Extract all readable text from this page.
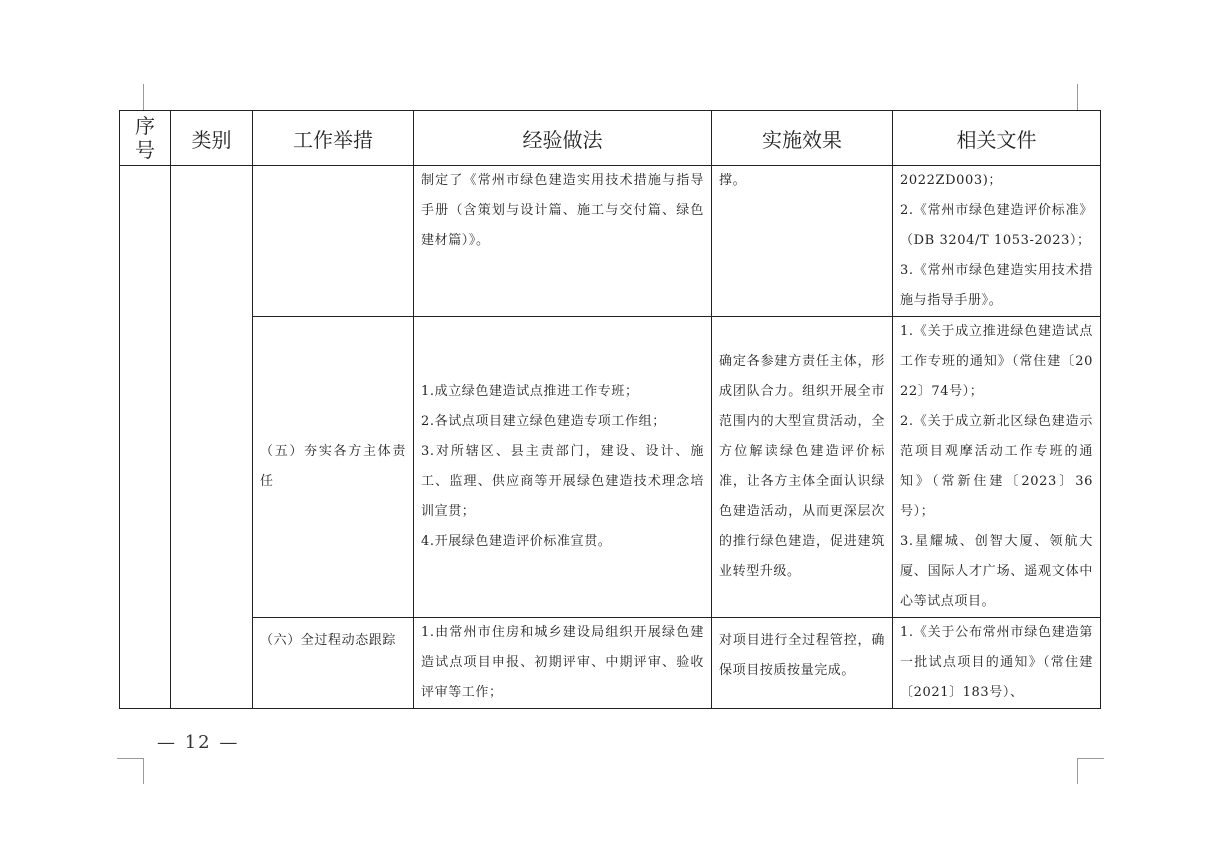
序号	类别	工作举措	经验做法	实施效果	相关文件

			制定了《常州市绿色建造实用技术措施与指导手册（含策划与设计篇、施工与交付篇、绿色建材篇）》。	撑。	2022ZD003)；
2.《常州市绿色建造评价标准》（DB 3204/T 1053-2023）；
3.《常州市绿色建造实用技术措施与指导手册》。

		（五）夯实各方主体责任	1.成立绿色建造试点推进工作专班；
2.各试点项目建立绿色建造专项工作组；
3.对所辖区、县主责部门，建设、设计、施工、监理、供应商等开展绿色建造技术理念培训宣贯；
4.开展绿色建造评价标准宣贯。	确定各参建方责任主体，形成团队合力。组织开展全市范围内的大型宣贯活动，全方位解读绿色建造评价标准，让各方主体全面认识绿色建造活动，从而更深层次的推行绿色建造，促进建筑业转型升级。	1.《关于成立推进绿色建造试点工作专班的通知》（常住建〔2022〕74号）；
2.《关于成立新北区绿色建造示范项目观摩活动工作专班的通知》（常新住建〔2023〕36号）；
3.星耀城、创智大厦、领航大厦、国际人才广场、遥观文体中心等试点项目。

		（六）全过程动态跟踪	1.由常州市住房和城乡建设局组织开展绿色建造试点项目申报、初期评审、中期评审、验收评审等工作；	对项目进行全过程管控，确保项目按质按量完成。	1.《关于公布常州市绿色建造第一批试点项目的通知》（常住建〔2021〕183号）、
— 12 —
